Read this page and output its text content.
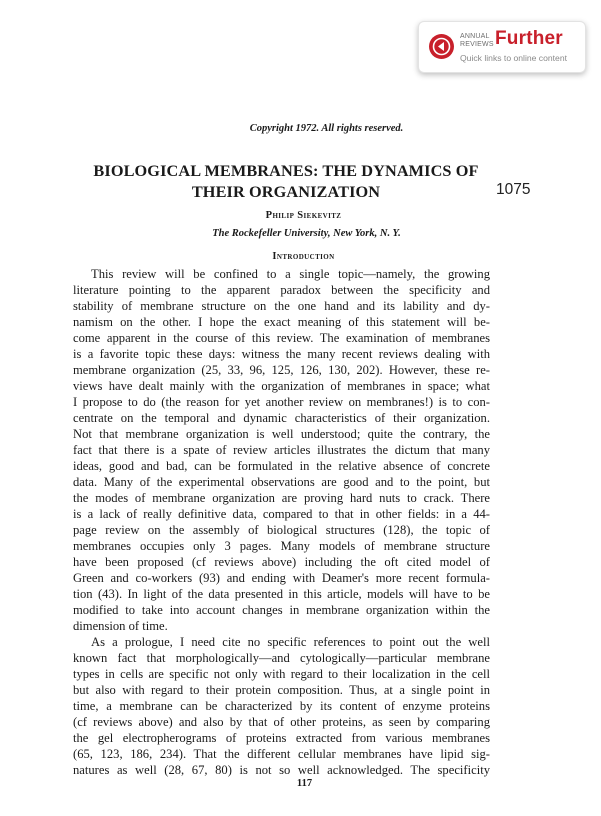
ANNUAL
REVIEWS Further
Quick links to online content
Copyright 1972. All rights reserved.
BIOLOGICAL MEMBRANES: THE DYNAMICS OF
THEIR ORGANIZATION	1075
Philip Siekevitz
The Rockefeller University, New York, N. Y.
Introduction
This review will be confined to a single topic—namely, the growing
literature pointing to the apparent paradox between the specificity and
stability of membrane structure on the one hand and its lability and dy-
namism on the other. I hope the exact meaning of this statement will be-
come apparent in the course of this review. The examination of membranes
is a favorite topic these days: witness the many recent reviews dealing with
membrane organization (25, 33, 96, 125, 126, 130, 202). However, these re-
views have dealt mainly with the organization of membranes in space; what
I propose to do (the reason for yet another review on membranes!) is to con-
centrate on the temporal and dynamic characteristics of their organization.
Not that membrane organization is well understood; quite the contrary, the
fact that there is a spate of review articles illustrates the dictum that many
ideas, good and bad, can be formulated in the relative absence of concrete
data. Many of the experimental observations are good and to the point, but
the modes of membrane organization are proving hard nuts to crack. There
is a lack of really definitive data, compared to that in other fields: in a 44-
page review on the assembly of biological structures (128), the topic of
membranes occupies only 3 pages. Many models of membrane structure
have been proposed (cf reviews above) including the oft cited model of
Green and co-workers (93) and ending with Deamer's more recent formula-
tion (43). In light of the data presented in this article, models will have to be
modified to take into account changes in membrane organization within the
dimension of time.
As a prologue, I need cite no specific references to point out the well
known fact that morphologically—and cytologically—particular membrane
types in cells are specific not only with regard to their localization in the cell
but also with regard to their protein composition. Thus, at a single point in
time, a membrane can be characterized by its content of enzyme proteins
(cf reviews above) and also by that of other proteins, as seen by comparing
the gel electropherograms of proteins extracted from various membranes
(65, 123, 186, 234). That the different cellular membranes have lipid sig-
natures as well (28, 67, 80) is not so well acknowledged. The specificity
117
